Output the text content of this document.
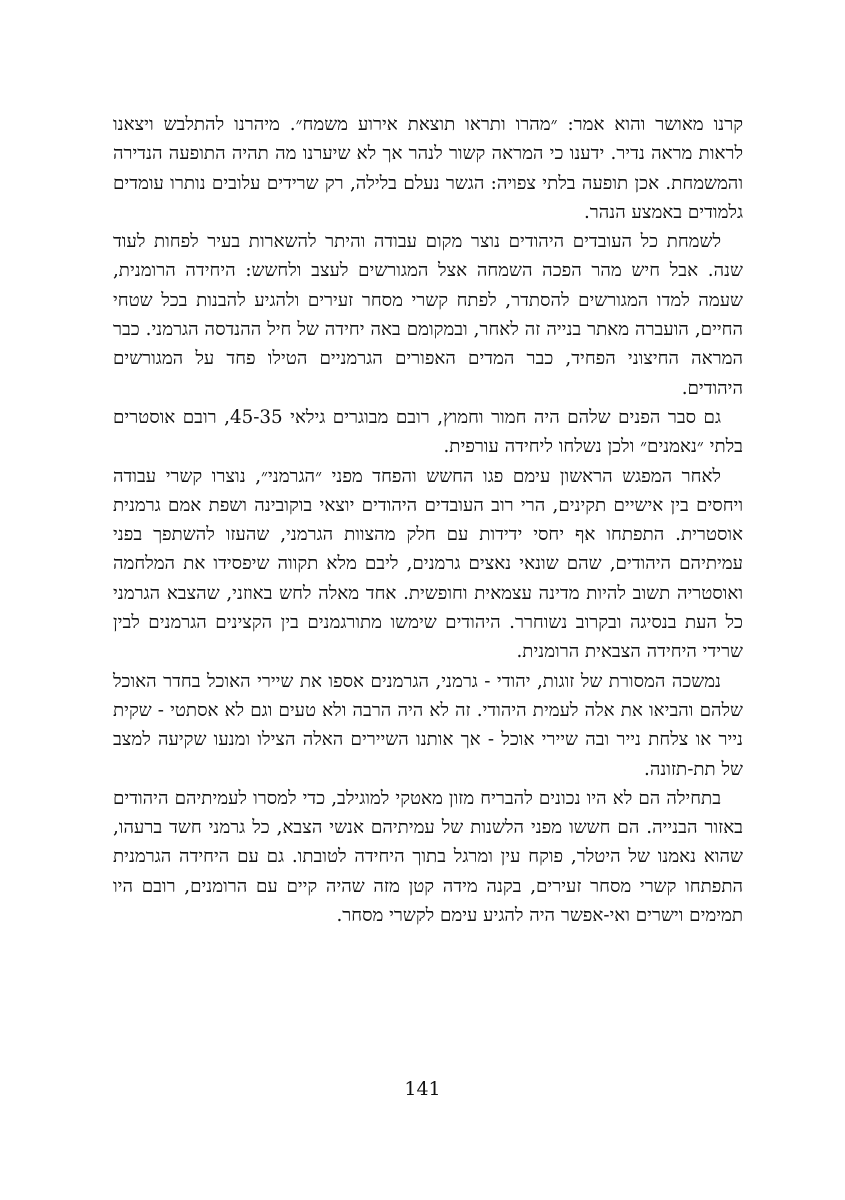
קרנו מאושר והוא אמר: ״מהרו ותראו תוצאת אירוע משמח״. מיהרנו להתלבש ויצאנו לראות מראה נדיר. ידענו כי המראה קשור לנהר אך לא שיערנו מה תהיה התופעה הנדירה והמשמחת. אכן תופעה בלתי צפויה: הגשר נעלם בלילה, רק שרידים עלובים נותרו עומדים גלמודים באמצע הנהר.

לשמחת כל העובדים היהודים נוצר מקום עבודה והיתר להשארות בעיר לפחות לעוד שנה. אבל חיש מהר הפכה השמחה אצל המגורשים לעצב ולחשש: היחידה הרומנית, שעמה למדו המגורשים להסתדר, לפתח קשרי מסחר זעירים ולהגיע להבנות בכל שטחי החיים, הועברה מאתר בנייה זה לאחר, ובמקומם באה יחידה של חיל ההנדסה הגרמני. כבר המראה החיצוני הפחיד, כבר המדים האפורים הגרמניים הטילו פחד על המגורשים היהודים.

גם סבר הפנים שלהם היה חמור וחמוץ, רובם מבוגרים גילאי 45-35, רובם אוסטרים בלתי ״נאמנים״ ולכן נשלחו ליחידה עורפית.

לאחר המפגש הראשון עימם פגו החשש והפחד מפני ״הגרמני״, נוצרו קשרי עבודה ויחסים בין אישיים תקינים, הרי רוב העובדים היהודים יוצאי בוקובינה ושפת אמם גרמנית אוסטרית. התפתחו אף יחסי ידידות עם חלק מהצוות הגרמני, שהעזו להשתפך בפני עמיתיהם היהודים, שהם שונאי נאצים גרמנים, ליבם מלא תקווה שיפסידו את המלחמה ואוסטריה תשוב להיות מדינה עצמאית וחופשית. אחד מאלה לחש באוזני, שהצבא הגרמני כל העת בנסיגה ובקרוב נשוחרר. היהודים שימשו מתורגמנים בין הקצינים הגרמנים לבין שרידי היחידה הצבאית הרומנית.

נמשכה המסורת של זוגות, יהודי - גרמני, הגרמנים אספו את שיירי האוכל בחדר האוכל שלהם והביאו את אלה לעמית היהודי. זה לא היה הרבה ולא טעים וגם לא אסתטי - שקית נייר או צלחת נייר ובה שיירי אוכל - אך אותנו השיירים האלה הצילו ומנעו שקיעה למצב של תת-תזונה.

בתחילה הם לא היו נכונים להבריח מזון מאטקי למוגילב, כדי למסרו לעמיתיהם היהודים באזור הבנייה. הם חששו מפני הלשנות של עמיתיהם אנשי הצבא, כל גרמני חשד ברעהו, שהוא נאמנו של היטלר, פוקח עין ומרגל בתוך היחידה לטובתו. גם עם היחידה הגרמנית התפתחו קשרי מסחר זעירים, בקנה מידה קטן מזה שהיה קיים עם הרומנים, רובם היו תמימים וישרים ואי-אפשר היה להגיע עימם לקשרי מסחר.

141
